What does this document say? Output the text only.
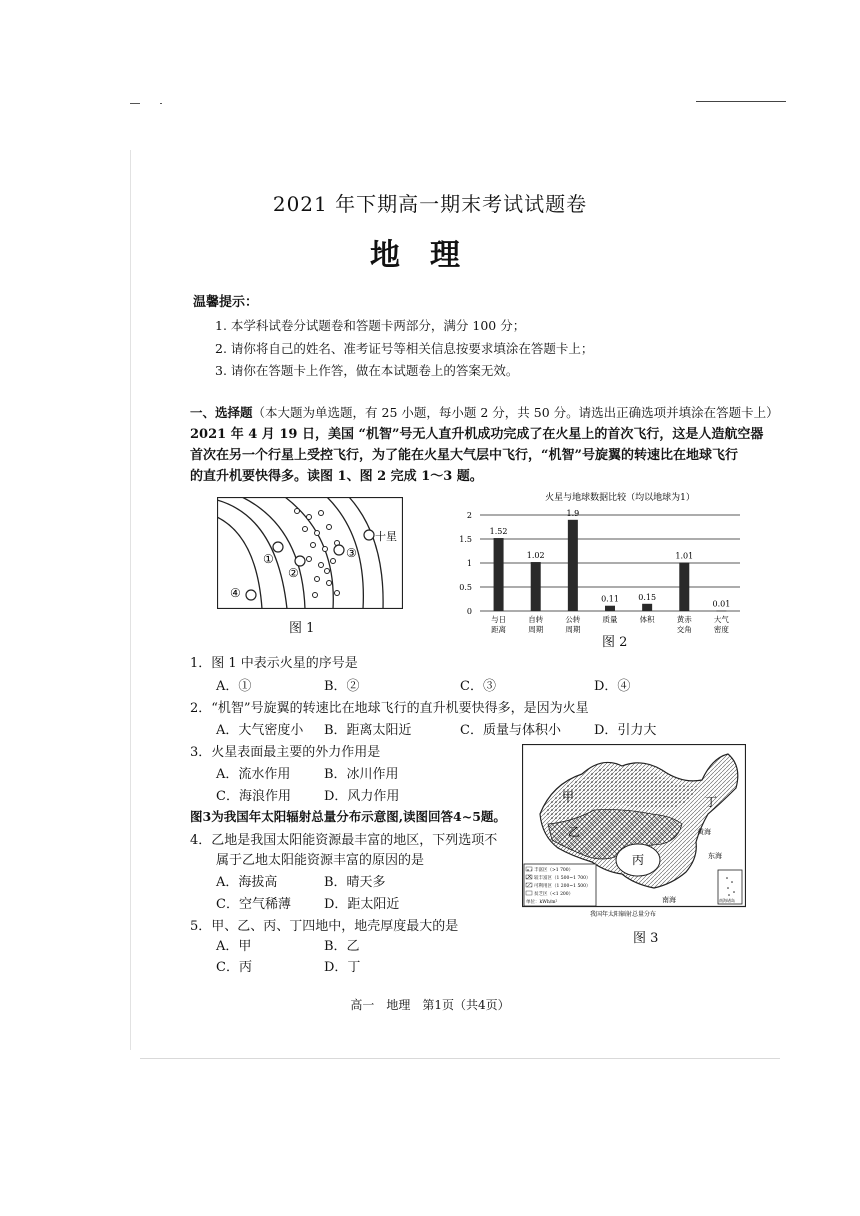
2021 年下期高一期末考试试题卷
地理
温馨提示：
1. 本学科试卷分试题卷和答题卡两部分，满分 100 分；
2. 请你将自己的姓名、准考证号等相关信息按要求填涂在答题卡上；
3. 请你在答题卡上作答，做在本试题卷上的答案无效。
一、选择题（本大题为单选题，有 25 小题，每小题 2 分，共 50 分。请选出正确选项并填涂在答题卡上）
2021 年 4 月 19 日，美国 “机智”号无人直升机成功完成了在火星上的首次飞行，这是人造航空器
首次在另一个行星上受控飞行，为了能在火星大气层中飞行，“机智”号旋翼的转速比在地球飞行
的直升机要快得多。读图 1、图 2 完成 1～3 题。
①
②
③
④
十星
图 1
火星与地球数据比较（均以地球为1）
0
0.5
1
1.5
2
1.52
与日
距离
1.02
自转
周期
1.9
公转
周期
0.11
质量
0.15
体积
1.01
黄赤
交角
0.01
大气
密度
图 2
1．图 1 中表示火星的序号是
A．①	B．②	C．③	D．④
2．“机智”号旋翼的转速比在地球飞行的直升机要快得多，是因为火星
A．大气密度小 B．距离太阳近	C．质量与体积小	D．引力大
3．火星表面最主要的外力作用是
A．流水作用	B．冰川作用
C．海浪作用	D．风力作用
图3为我国年太阳辐射总量分布示意图,读图回答4~5题。
4．乙地是我国太阳能资源最丰富的地区，下列选项不
属于乙地太阳能资源丰富的原因的是
A．海拔高	B．晴天多
C．空气稀薄	D．距太阳近
5．甲、乙、丙、丁四地中，地壳厚度最大的是
A．甲	B．乙
C．丙	D．丁
丰富区（>1 700）
较丰富区（1 500~1 700）
可利用区（1 200~1 500）
贫乏区（<1 200）
单位：kWh/m²	南海诸岛
甲
乙
丙
丁
黄海
东海
南海
我国年太阳辐射总量分布
图 3
高一　地理　第1页（共4页）
